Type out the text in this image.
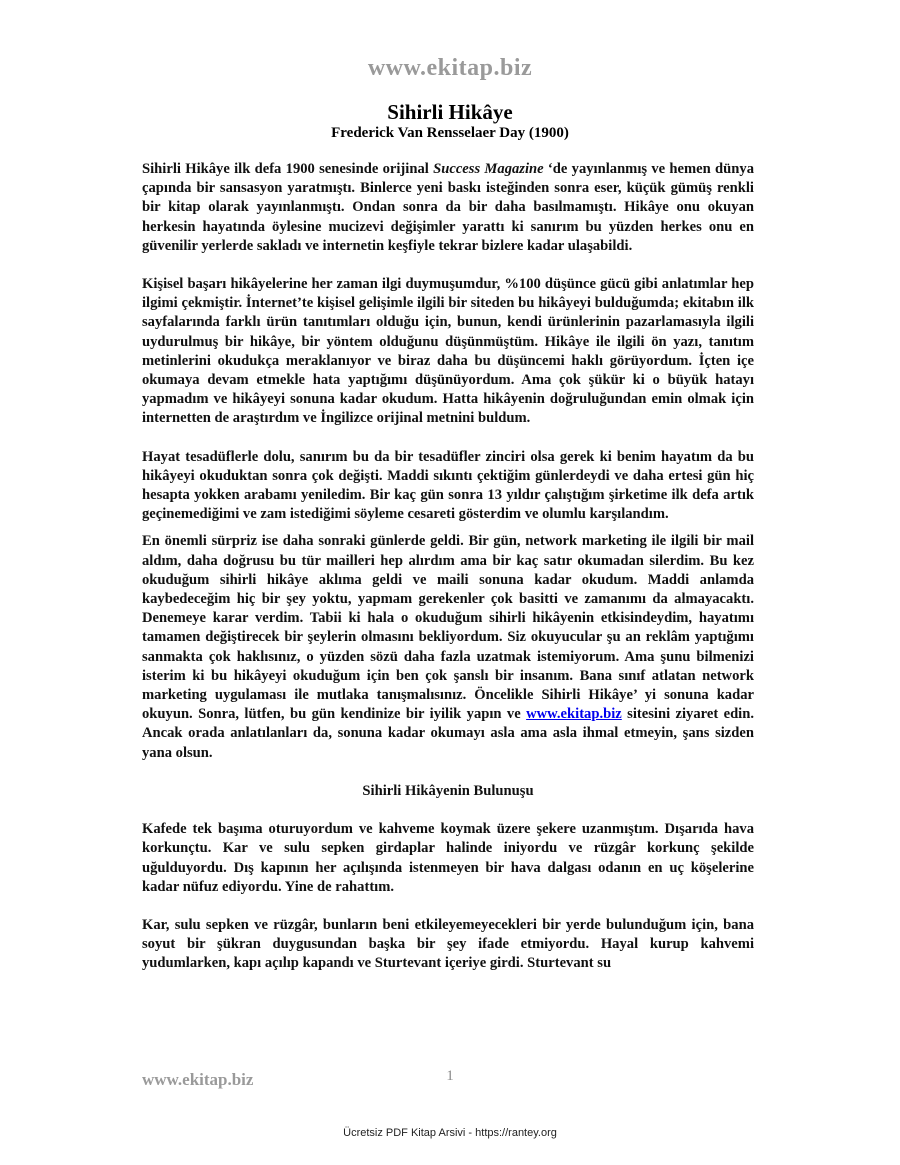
www.ekitap.biz
Sihirli Hikâye
Frederick Van Rensselaer Day (1900)

Sihirli Hikâye ilk defa 1900 senesinde orijinal Success Magazine ‘de yayınlanmış ve hemen dünya çapında bir sansasyon yaratmıştı. Binlerce yeni baskı isteğinden sonra eser, küçük gümüş renkli bir kitap olarak yayınlanmıştı. Ondan sonra da bir daha basılmamıştı. Hikâye onu okuyan herkesin hayatında öylesine mucizevi değişimler yarattı ki sanırım bu yüzden herkes onu en güvenilir yerlerde sakladı ve internetin keşfiyle tekrar bizlere kadar ulaşabildi.

Kişisel başarı hikâyelerine her zaman ilgi duymuşumdur, %100 düşünce gücü gibi anlatımlar hep ilgimi çekmiştir. İnternet’te kişisel gelişimle ilgili bir siteden bu hikâyeyi bulduğumda; ekitabın ilk sayfalarında farklı ürün tanıtımları olduğu için, bunun, kendi ürünlerinin pazarlamasıyla ilgili uydurulmuş bir hikâye, bir yöntem olduğunu düşünmüştüm. Hikâye ile ilgili ön yazı, tanıtım metinlerini okudukça meraklanıyor ve biraz daha bu düşüncemi haklı görüyordum. İçten içe okumaya devam etmekle hata yaptığımı düşünüyordum. Ama çok şükür ki o büyük hatayı yapmadım ve hikâyeyi sonuna kadar okudum. Hatta hikâyenin doğruluğundan emin olmak için internetten de araştırdım ve İngilizce orijinal metnini buldum.

Hayat tesadüflerle dolu, sanırım bu da bir tesadüfler zinciri olsa gerek ki benim hayatım da bu hikâyeyi okuduktan sonra çok değişti. Maddi sıkıntı çektiğim günlerdeydi ve daha ertesi gün hiç hesapta yokken arabamı yeniledim. Bir kaç gün sonra 13 yıldır çalıştığım şirketime ilk defa artık geçinemediğimi ve zam istediğimi söyleme cesareti gösterdim ve olumlu karşılandım.

En önemli sürpriz ise daha sonraki günlerde geldi. Bir gün, network marketing ile ilgili bir mail aldım, daha doğrusu bu tür mailleri hep alırdım ama bir kaç satır okumadan silerdim. Bu kez okuduğum sihirli hikâye aklıma geldi ve maili sonuna kadar okudum. Maddi anlamda kaybedeceğim hiç bir şey yoktu, yapmam gerekenler çok basitti ve zamanımı da almayacaktı. Denemeye karar verdim. Tabii ki hala o okuduğum sihirli hikâyenin etkisindeydim, hayatımı tamamen değiştirecek bir şeylerin olmasını bekliyordum. Siz okuyucular şu an reklâm yaptığımı sanmakta çok haklısınız, o yüzden sözü daha fazla uzatmak istemiyorum. Ama şunu bilmenizi isterim ki bu hikâyeyi okuduğum için ben çok şanslı bir insanım. Bana sınıf atlatan network marketing uygulaması ile mutlaka tanışmalısınız. Öncelikle Sihirli Hikâye’ yi sonuna kadar okuyun. Sonra, lütfen, bu gün kendinize bir iyilik yapın ve www.ekitap.biz sitesini ziyaret edin. Ancak orada anlatılanları da, sonuna kadar okumayı asla ama asla ihmal etmeyin, şans sizden yana olsun.

Sihirli Hikâyenin Bulunuşu

Kafede tek başıma oturuyordum ve kahveme koymak üzere şekere uzanmıştım. Dışarıda hava korkunçtu. Kar ve sulu sepken girdaplar halinde iniyordu ve rüzgâr korkunç şekilde uğulduyordu. Dış kapının her açılışında istenmeyen bir hava dalgası odanın en uç köşelerine kadar nüfuz ediyordu. Yine de rahattım.

Kar, sulu sepken ve rüzgâr, bunların beni etkileyemeyecekleri bir yerde bulunduğum için, bana soyut bir şükran duygusundan başka bir şey ifade etmiyordu. Hayal kurup kahvemi yudumlarken, kapı açılıp kapandı ve Sturtevant içeriye girdi. Sturtevant su

www.ekitap.biz	1
Ücretsiz PDF Kitap Arsivi - https://rantey.org
